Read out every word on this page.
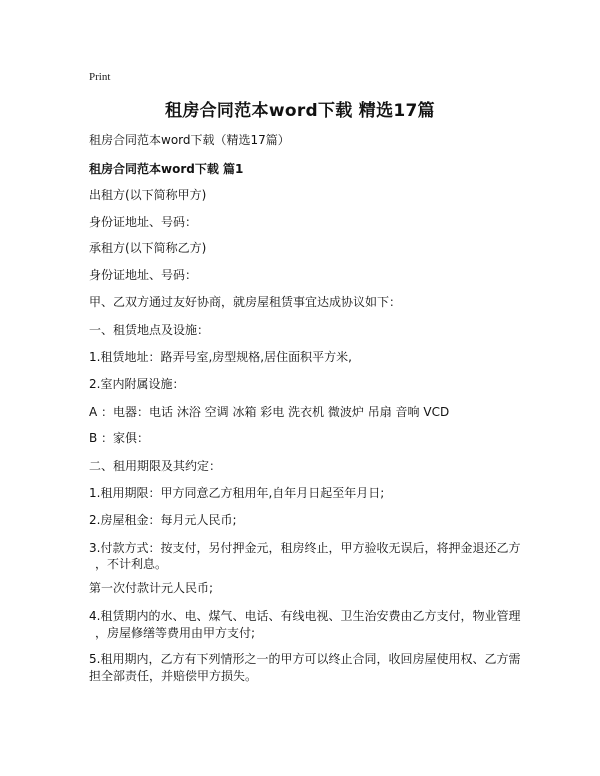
Print
租房合同范本word下载 精选17篇
租房合同范本word下载（精选17篇）
租房合同范本word下载 篇1
出租方(以下简称甲方)
身份证地址、号码：
承租方(以下简称乙方)
身份证地址、号码：
甲、乙双方通过友好协商，就房屋租赁事宜达成协议如下：
一、租赁地点及设施：
1.租赁地址：路弄号室,房型规格,居住面积平方米,
2.室内附属设施：
A ：电器：电话 沐浴 空调 冰箱 彩电 洗衣机 微波炉 吊扇 音响 VCD
B ：家俱：
二、租用期限及其约定：
1.租用期限：甲方同意乙方租用年,自年月日起至年月日;
2.房屋租金：每月元人民币;
3.付款方式：按支付，另付押金元，租房终止，甲方验收无误后，将押金退还乙方
，不计利息。
第一次付款计元人民币;
4.租赁期内的水、电、煤气、电话、有线电视、卫生治安费由乙方支付，物业管理
，房屋修缮等费用由甲方支付;
5.租用期内，乙方有下列情形之一的甲方可以终止合同，收回房屋使用权、乙方需
担全部责任，并赔偿甲方损失。
